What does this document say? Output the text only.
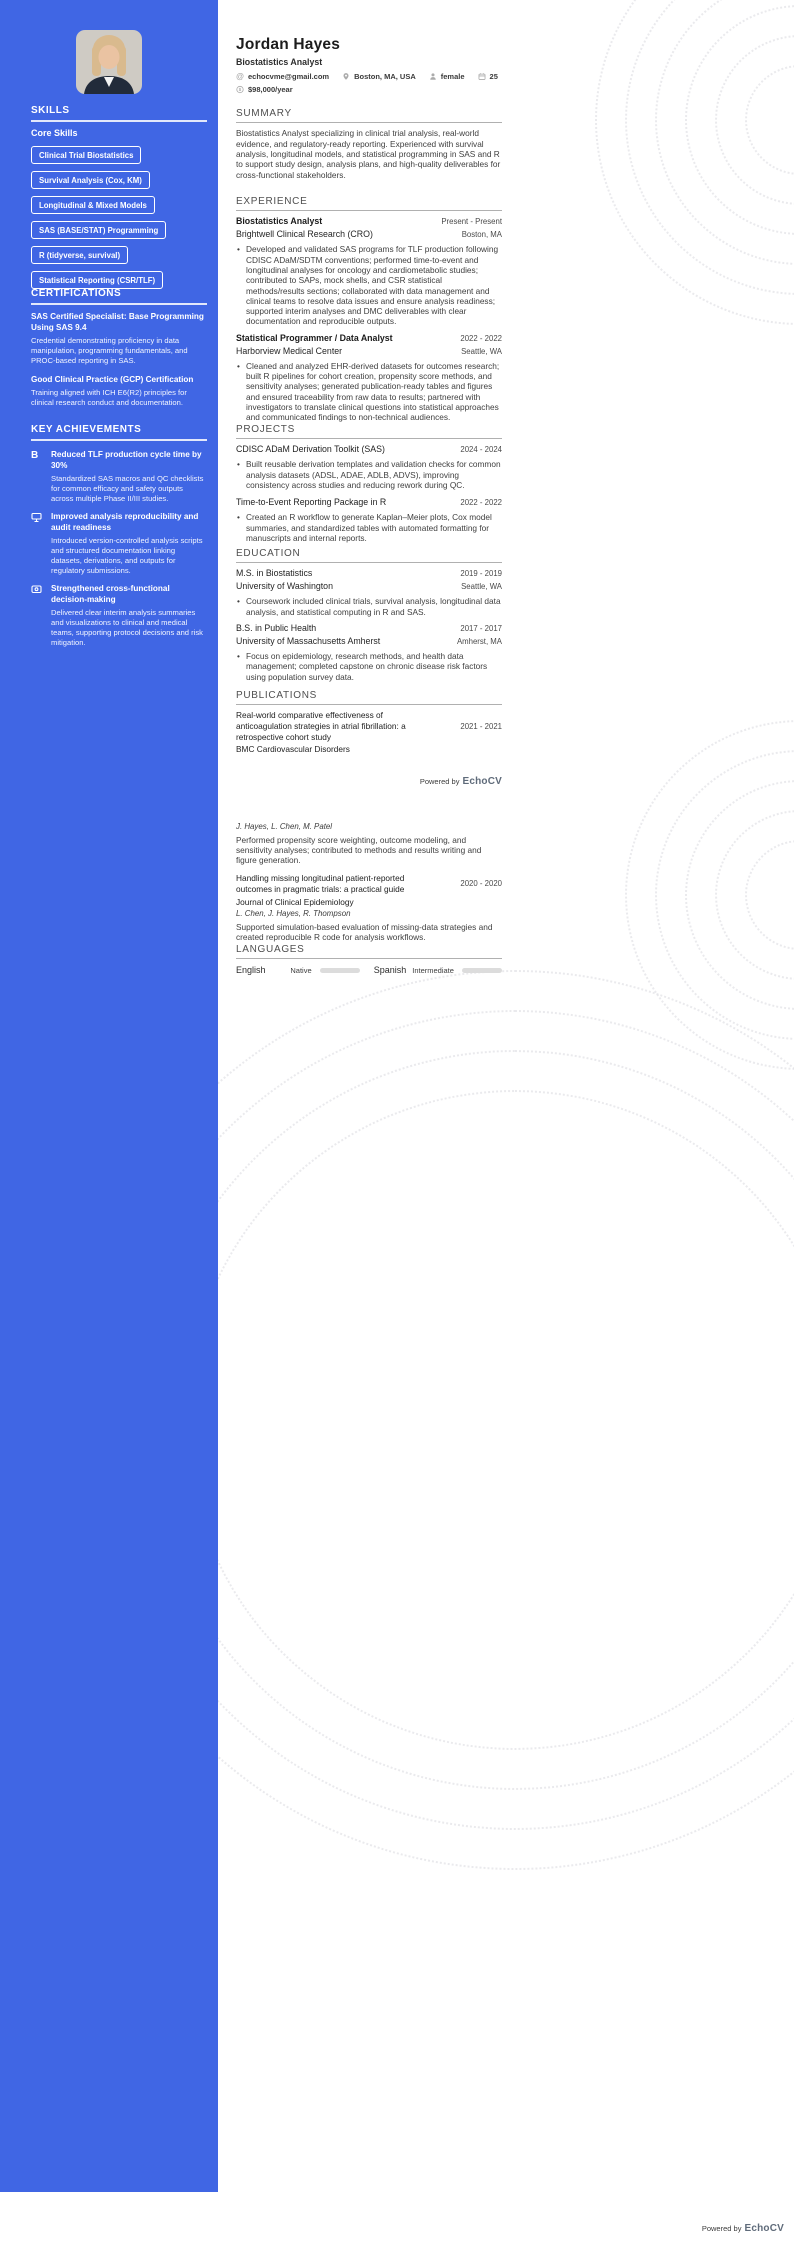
SKILLS
Core Skills
Clinical Trial Biostatistics
Survival Analysis (Cox, KM)
Longitudinal & Mixed Models
SAS (BASE/STAT) Programming
R (tidyverse, survival)
Statistical Reporting (CSR/TLF)
CERTIFICATIONS
SAS Certified Specialist: Base Programming Using SAS 9.4
Credential demonstrating proficiency in data manipulation, programming fundamentals, and PROC-based reporting in SAS.
Good Clinical Practice (GCP) Certification
Training aligned with ICH E6(R2) principles for clinical research conduct and documentation.
KEY ACHIEVEMENTS
B	Reduced TLF production cycle time by 30%
Standardized SAS macros and QC checklists for common efficacy and safety outputs across multiple Phase II/III studies.
Improved analysis reproducibility and audit readiness
Introduced version-controlled analysis scripts and structured documentation linking datasets, derivations, and outputs for regulatory submissions.
Strengthened cross-functional decision-making
Delivered clear interim analysis summaries and visualizations to clinical and medical teams, supporting protocol decisions and risk mitigation.
Jordan Hayes
Biostatistics Analyst
@ echocvme@gmail.com	Boston, MA, USA	female	25
$ $98,000/year
SUMMARY
Biostatistics Analyst specializing in clinical trial analysis, real-world evidence, and regulatory-ready reporting. Experienced with survival analysis, longitudinal models, and statistical programming in SAS and R to support study design, analysis plans, and high-quality deliverables for cross-functional stakeholders.
EXPERIENCE
Biostatistics Analyst	Present - Present
Brightwell Clinical Research (CRO)	Boston, MA
• Developed and validated SAS programs for TLF production following CDISC ADaM/SDTM conventions; performed time-to-event and longitudinal analyses for oncology and cardiometabolic studies; contributed to SAPs, mock shells, and CSR statistical methods/results sections; collaborated with data management and clinical teams to resolve data issues and ensure analysis readiness; supported interim analyses and DMC deliverables with clear documentation and reproducible outputs.
Statistical Programmer / Data Analyst	2022 - 2022
Harborview Medical Center	Seattle, WA
• Cleaned and analyzed EHR-derived datasets for outcomes research; built R pipelines for cohort creation, propensity score methods, and sensitivity analyses; generated publication-ready tables and figures and ensured traceability from raw data to results; partnered with investigators to translate clinical questions into statistical approaches and communicated findings to non-technical audiences.
PROJECTS
CDISC ADaM Derivation Toolkit (SAS)	2024 - 2024
• Built reusable derivation templates and validation checks for common analysis datasets (ADSL, ADAE, ADLB, ADVS), improving consistency across studies and reducing rework during QC.
Time-to-Event Reporting Package in R	2022 - 2022
• Created an R workflow to generate Kaplan–Meier plots, Cox model summaries, and standardized tables with automated formatting for manuscripts and internal reports.
EDUCATION
M.S. in Biostatistics	2019 - 2019
University of Washington	Seattle, WA
• Coursework included clinical trials, survival analysis, longitudinal data analysis, and statistical computing in R and SAS.
B.S. in Public Health	2017 - 2017
University of Massachusetts Amherst	Amherst, MA
• Focus on epidemiology, research methods, and health data management; completed capstone on chronic disease risk factors using population survey data.
PUBLICATIONS
Real-world comparative effectiveness of anticoagulation strategies in atrial fibrillation: a retrospective cohort study
2021 - 2021
BMC Cardiovascular Disorders
Powered by EchoCV
J. Hayes, L. Chen, M. Patel
Performed propensity score weighting, outcome modeling, and sensitivity analyses; contributed to methods and results writing and figure generation.
Handling missing longitudinal patient-reported outcomes in pragmatic trials: a practical guide	2020 - 2020
Journal of Clinical Epidemiology
L. Chen, J. Hayes, R. Thompson
Supported simulation-based evaluation of missing-data strategies and created reproducible R code for analysis workflows.
LANGUAGES
English	Native	Spanish Intermediate
Powered by EchoCV
